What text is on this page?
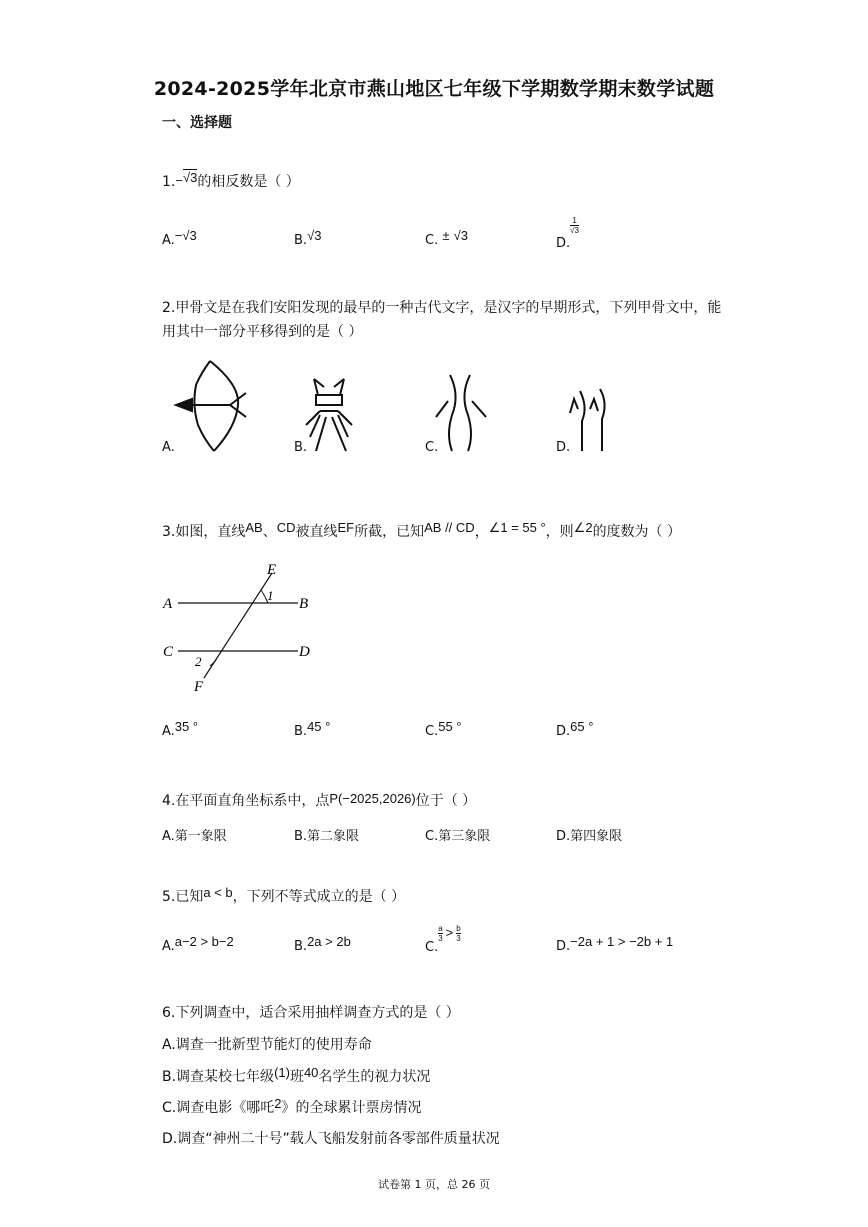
2024-2025学年北京市燕山地区七年级下学期数学期末数学试题
一、选择题
1.−√3的相反数是（ ）
A.−√3	B.√3	C. ± √3
D.
$\frac{1}{√3}$
2.甲骨文是在我们安阳发现的最早的一种古代文字，是汉字的早期形式，下列甲骨文中，能用其中一部分平移得到的是（ ）
A.	B.	C.	D.
3.如图，直线AB、CD被直线EF所截，已知AB // CD，∠1 = 55 °，则∠2的度数为（ ）
E
A	B
C	D
F
1
2
A.35 °	B.45 °	C.55 °	D.65 °
4.在平面直角坐标系中，点P(−2025,2026)位于（ ）
A.第一象限	B.第二象限	C.第三象限	D.第四象限
5.已知a < b，下列不等式成立的是（ ）
A.a−2 > b−2	B.2a > 2b	C.
$\frac{a}{3} > \frac{b}{3}$
D.−2a + 1 > −2b + 1
6.下列调查中，适合采用抽样调查方式的是（ ）
A.调查一批新型节能灯的使用寿命
B.调查某校七年级(1)班40名学生的视力状况
C.调查电影《哪吒2》的全球累计票房情况
D.调查“神州二十号”载人飞船发射前各零部件质量状况
试卷第 1 页，总 26 页
